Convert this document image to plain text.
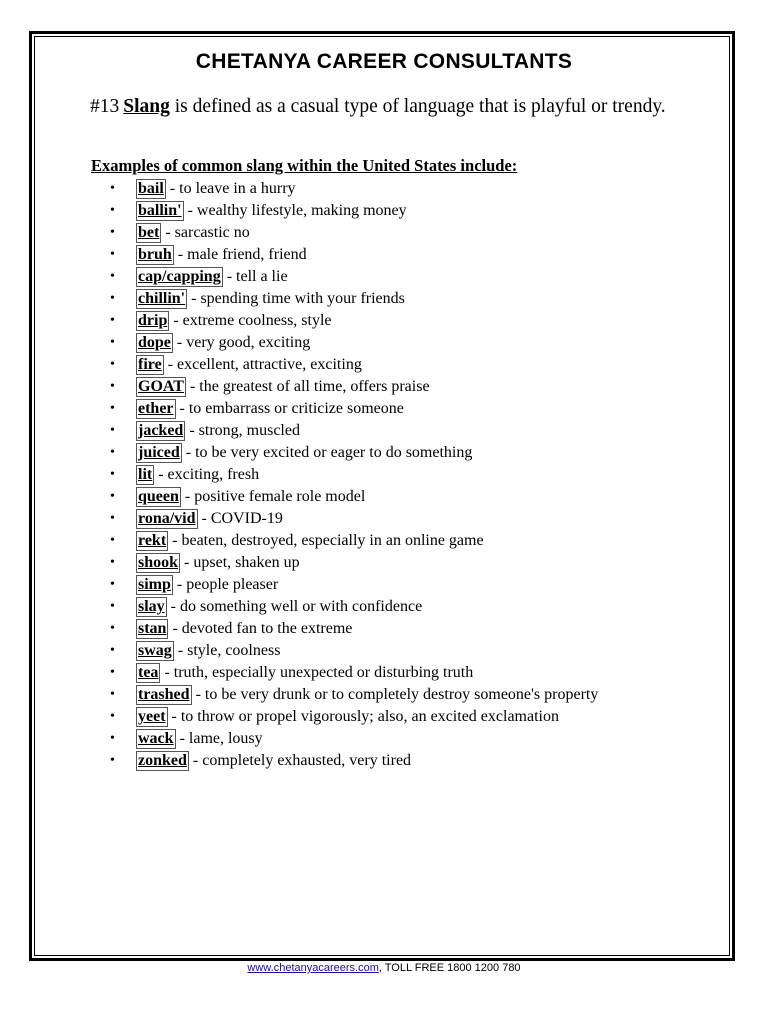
CHETANYA CAREER CONSULTANTS
#13 Slang is defined as a casual type of language that is playful or trendy.
Examples of common slang within the United States include:
• bail - to leave in a hurry
• ballin' - wealthy lifestyle, making money
• bet - sarcastic no
• bruh - male friend, friend
• cap/capping - tell a lie
• chillin' - spending time with your friends
• drip - extreme coolness, style
• dope - very good, exciting
• fire - excellent, attractive, exciting
• GOAT - the greatest of all time, offers praise
• ether - to embarrass or criticize someone
• jacked - strong, muscled
• juiced - to be very excited or eager to do something
• lit - exciting, fresh
• queen - positive female role model
• rona/vid - COVID-19
• rekt - beaten, destroyed, especially in an online game
• shook - upset, shaken up
• simp - people pleaser
• slay - do something well or with confidence
• stan - devoted fan to the extreme
• swag - style, coolness
• tea - truth, especially unexpected or disturbing truth
• trashed - to be very drunk or to completely destroy someone's property
• yeet - to throw or propel vigorously; also, an excited exclamation
• wack - lame, lousy
• zonked - completely exhausted, very tired
www.chetanyacareers.com, TOLL FREE 1800 1200 780
